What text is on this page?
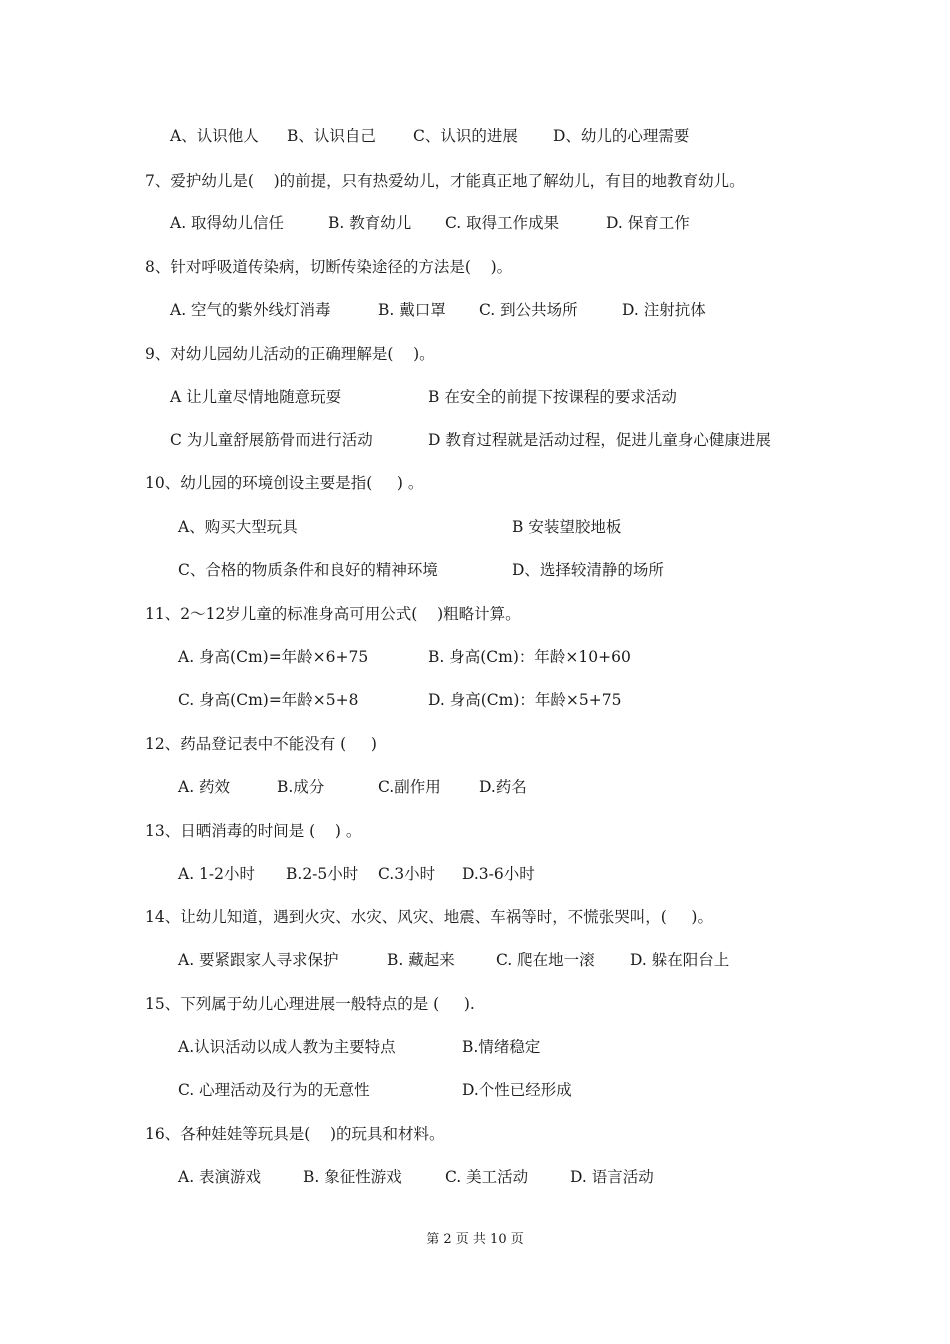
A、认识他人 B、认识自己 C、认识的进展 D、幼儿的心理需要
7、爱护幼儿是(    )的前提，只有热爱幼儿，才能真正地了解幼儿，有目的地教育幼儿。
A. 取得幼儿信任	B. 教育幼儿 C. 取得工作成果	D. 保育工作
8、针对呼吸道传染病，切断传染途径的方法是(    )。
A. 空气的紫外线灯消毒	B. 戴口罩 C. 到公共场所	D. 注射抗体
9、对幼儿园幼儿活动的正确理解是(    )。
A 让儿童尽情地随意玩耍	B 在安全的前提下按课程的要求活动
C 为儿童舒展筋骨而进行活动	D 教育过程就是活动过程，促进儿童身心健康进展
10、幼儿园的环境创设主要是指(     ) 。
A、购买大型玩具	B 安装望胶地板
C、合格的物质条件和良好的精神环境	D、选择较清静的场所
11、2～12岁儿童的标准身高可用公式(    )粗略计算。
A. 身高(Cm)=年龄×6+75	B. 身高(Cm)：年龄×10+60
C. 身高(Cm)=年龄×5+8	D. 身高(Cm)：年龄×5+75
12、药品登记表中不能没有 (     )
A. 药效	B.成分	C.副作用 D.药名
13、日晒消毒的时间是 (    ) 。
A. 1-2小时 B.2-5小时 C.3小时 D.3-6小时
14、让幼儿知道，遇到火灾、水灾、风灾、地震、车祸等时，不慌张哭叫，(     )。
A. 要紧跟家人寻求保护	B. 藏起来	C. 爬在地一滚 D. 躲在阳台上
15、下列属于幼儿心理进展一般特点的是 (     ).
A.认识活动以成人教为主要特点	B.情绪稳定
C. 心理活动及行为的无意性	D.个性已经形成
16、各种娃娃等玩具是(    )的玩具和材料。
A. 表演游戏	B. 象征性游戏	C. 美工活动	D. 语言活动
第 2 页 共 10 页
